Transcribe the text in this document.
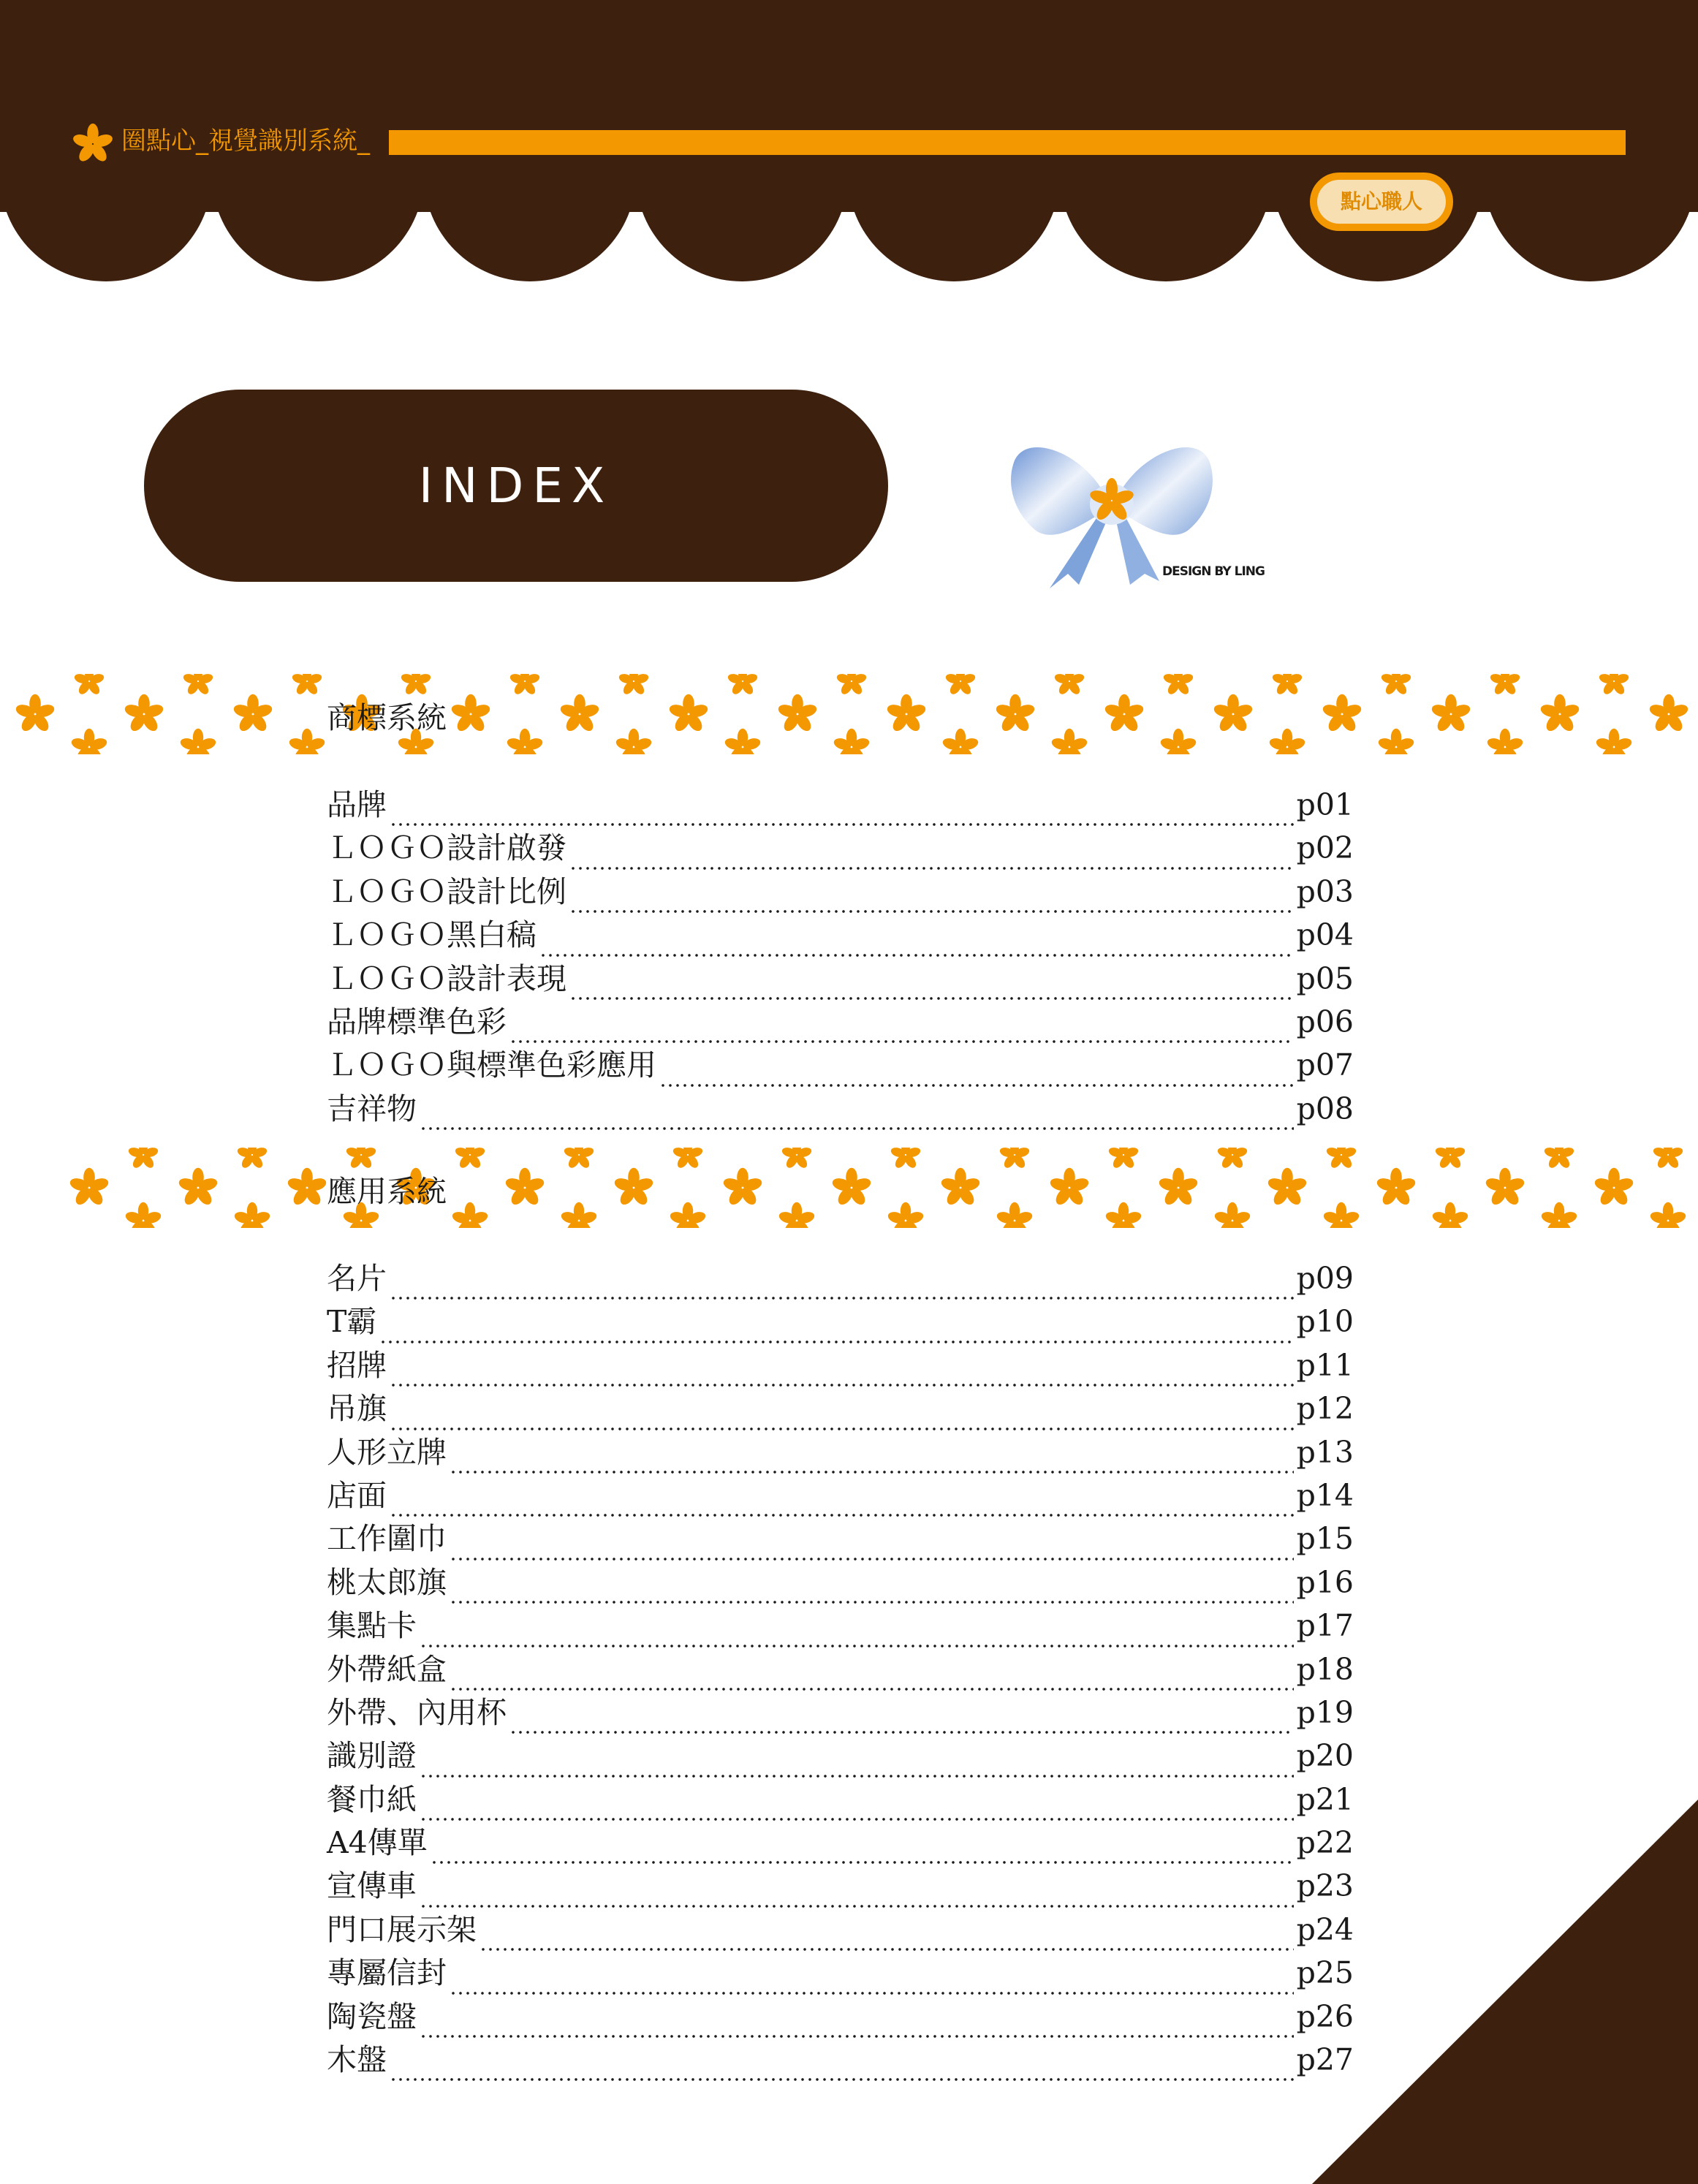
圈點心_視覺識別系統_
點心職人
INDEX
DESIGN BY LING
商標系統
品牌	p01
ＬＯＧＯ設計啟發	p02
ＬＯＧＯ設計比例	p03
ＬＯＧＯ黑白稿	p04
ＬＯＧＯ設計表現	p05
品牌標準色彩	p06
ＬＯＧＯ與標準色彩應用	p07
吉祥物	p08
應用系統
名片	p09
T霸	p10
招牌	p11
吊旗	p12
人形立牌	p13
店面	p14
工作圍巾	p15
桃太郎旗	p16
集點卡	p17
外帶紙盒	p18
外帶、內用杯	p19
識別證	p20
餐巾紙	p21
A4傳單	p22
宣傳車	p23
門口展示架	p24
專屬信封	p25
陶瓷盤	p26
木盤	p27
